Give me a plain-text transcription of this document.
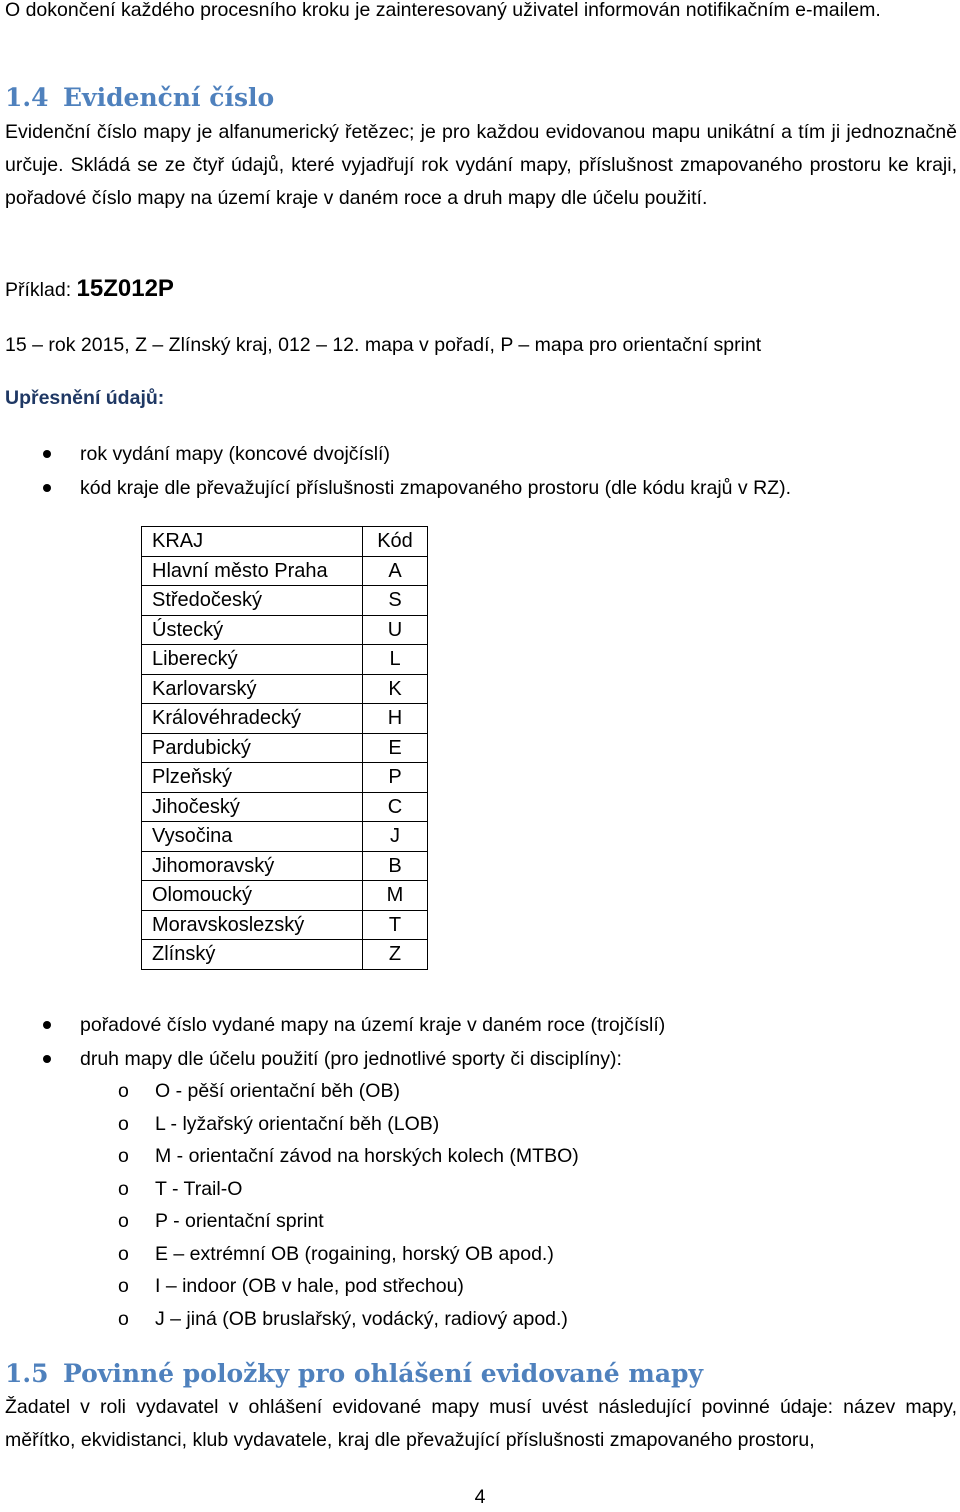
O dokončení každého procesního kroku je zainteresovaný uživatel informován notifikačním e-mailem.

1.4 Evidenční číslo

Evidenční číslo mapy je alfanumerický řetězec; je pro každou evidovanou mapu unikátní a tím ji jednoznačně určuje. Skládá se ze čtyř údajů, které vyjadřují rok vydání mapy, příslušnost zmapovaného prostoru ke kraji, pořadové číslo mapy na území kraje v daném roce a druh mapy dle účelu použití.

Příklad: 15Z012P

15 – rok 2015, Z – Zlínský kraj, 012 – 12. mapa v pořadí, P – mapa pro orientační sprint

Upřesnění údajů:

rok vydání mapy (koncové dvojčíslí)
kód kraje dle převažující příslušnosti zmapovaného prostoru (dle kódu krajů v RZ).
KRAJ	Kód
Hlavní město Praha	A
Středočeský	S
Ústecký	U
Liberecký	L
Karlovarský	K
Královéhradecký	H
Pardubický	E
Plzeňský	P
Jihočeský	C
Vysočina	J
Jihomoravský	B
Olomoucký	M
Moravskoslezský	T
Zlínský	Z
pořadové číslo vydané mapy na území kraje v daném roce (trojčíslí)
druh mapy dle účelu použití (pro jednotlivé sporty či disciplíny):
o O - pěší orientační běh (OB)
o L - lyžařský orientační běh (LOB)
o M - orientační závod na horských kolech (MTBO)
o T - Trail-O
o P - orientační sprint
o E – extrémní OB (rogaining, horský OB apod.)
o I – indoor (OB v hale, pod střechou)
o J – jiná (OB bruslařský, vodácký, radiový apod.)
1.5 Povinné položky pro ohlášení evidované mapy

Žadatel v roli vydavatel v ohlášení evidované mapy musí uvést následující povinné údaje: název mapy, měřítko, ekvidistanci, klub vydavatele, kraj dle převažující příslušnosti zmapovaného prostoru,

4
